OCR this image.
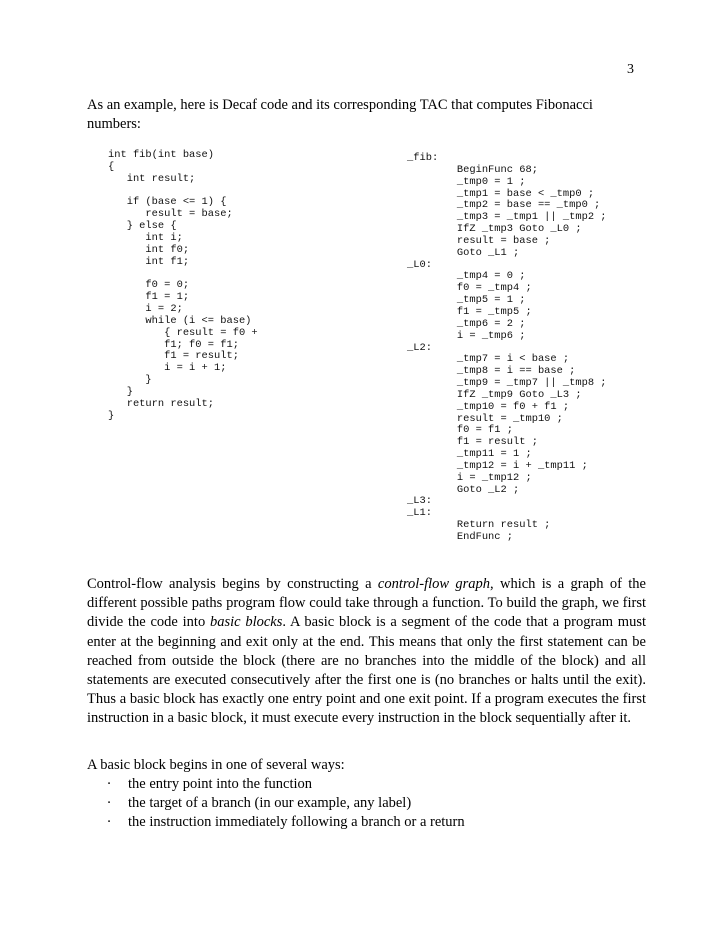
3
As an example, here is Decaf code and its corresponding TAC that computes Fibonacci numbers:
int fib(int base)
{
int result;

if (base <= 1) {
result = base;
} else {
int i;
int f0;
int f1;

f0 = 0;
f1 = 1;
i = 2;
while (i <= base)
{ result = f0 +
f1; f0 = f1;
f1 = result;
i = i + 1;
}
}
return result;
}
_fib:
BeginFunc 68;
_tmp0 = 1 ;
_tmp1 = base < _tmp0 ;
_tmp2 = base == _tmp0 ;
_tmp3 = _tmp1 || _tmp2 ;
IfZ _tmp3 Goto _L0 ;
result = base ;
Goto _L1 ;
_L0:
_tmp4 = 0 ;
f0 = _tmp4 ;
_tmp5 = 1 ;
f1 = _tmp5 ;
_tmp6 = 2 ;
i = _tmp6 ;
_L2:
_tmp7 = i < base ;
_tmp8 = i == base ;
_tmp9 = _tmp7 || _tmp8 ;
IfZ _tmp9 Goto _L3 ;
_tmp10 = f0 + f1 ;
result = _tmp10 ;
f0 = f1 ;
f1 = result ;
_tmp11 = 1 ;
_tmp12 = i + _tmp11 ;
i = _tmp12 ;
Goto _L2 ;
_L3:
_L1:
Return result ;
EndFunc ;

Control-flow analysis begins by constructing a control-flow graph, which is a graph of the different possible paths program flow could take through a function. To build the graph, we first divide the code into basic blocks. A basic block is a segment of the code that a program must enter at the beginning and exit only at the end. This means that only the first statement can be reached from outside the block (there are no branches into the middle of the block) and all statements are executed consecutively after the first one is (no branches or halts until the exit). Thus a basic block has exactly one entry point and one exit point. If a program executes the first instruction in a basic block, it must execute every instruction in the block sequentially after it.

A basic block begins in one of several ways:

·	the entry point into the function
·	the target of a branch (in our example, any label)
·	the instruction immediately following a branch or a return
